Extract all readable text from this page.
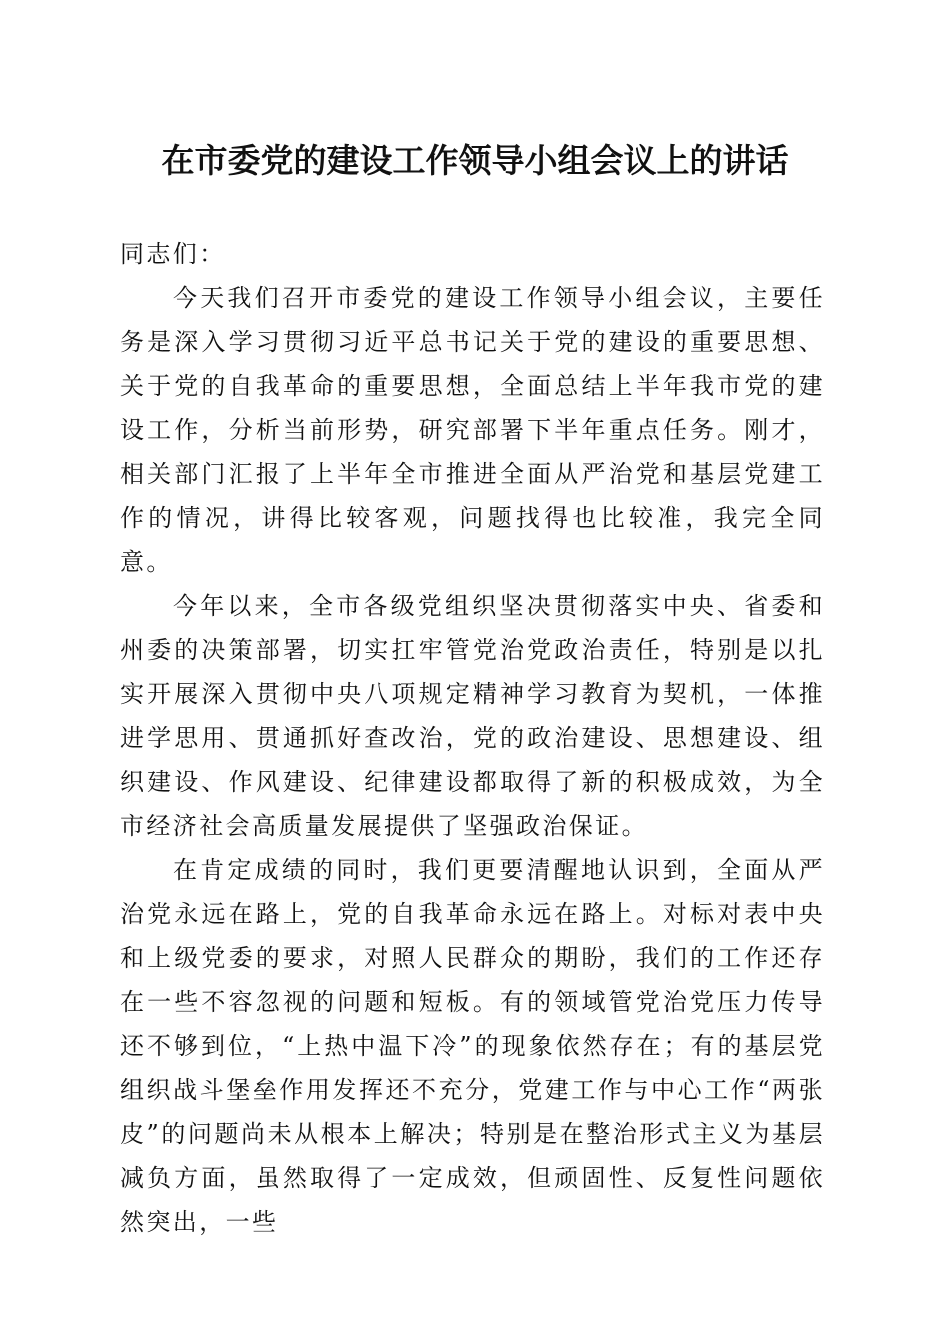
在市委党的建设工作领导小组会议上的讲话

同志们：

今天我们召开市委党的建设工作领导小组会议，主要任务是深入学习贯彻习近平总书记关于党的建设的重要思想、关于党的自我革命的重要思想，全面总结上半年我市党的建设工作，分析当前形势，研究部署下半年重点任务。刚才，相关部门汇报了上半年全市推进全面从严治党和基层党建工作的情况，讲得比较客观，问题找得也比较准，我完全同意。

今年以来，全市各级党组织坚决贯彻落实中央、省委和州委的决策部署，切实扛牢管党治党政治责任，特别是以扎实开展深入贯彻中央八项规定精神学习教育为契机，一体推进学思用、贯通抓好查改治，党的政治建设、思想建设、组织建设、作风建设、纪律建设都取得了新的积极成效，为全市经济社会高质量发展提供了坚强政治保证。

在肯定成绩的同时，我们更要清醒地认识到，全面从严治党永远在路上，党的自我革命永远在路上。对标对表中央和上级党委的要求，对照人民群众的期盼，我们的工作还存在一些不容忽视的问题和短板。有的领域管党治党压力传导还不够到位，“上热中温下冷”的现象依然存在；有的基层党组织战斗堡垒作用发挥还不充分，党建工作与中心工作“两张皮”的问题尚未从根本上解决；特别是在整治形式主义为基层减负方面，虽然取得了一定成效，但顽固性、反复性问题依然突出，一些
